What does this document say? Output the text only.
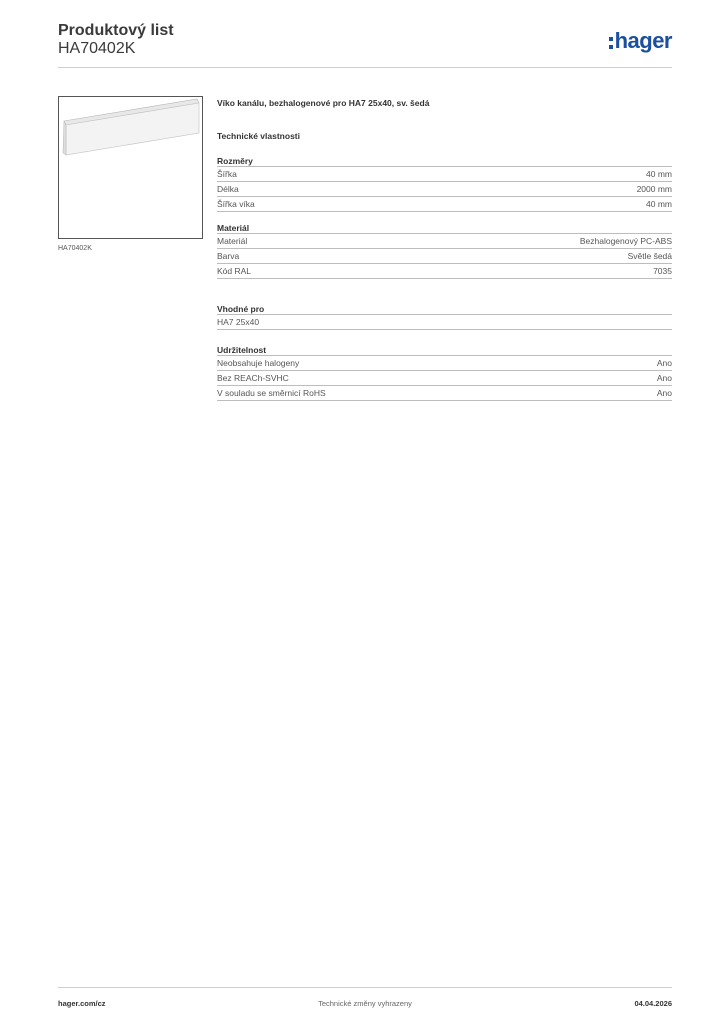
Produktový list
HA70402K	hager
HA70402K
Víko kanálu, bezhalogenové pro HA7 25x40, sv. šedá
Technické vlastnosti
Rozměry
Šířka	40 mm
Délka	2000 mm
Šířka víka	40 mm
Materiál
Materiál	Bezhalogenový PC-ABS
Barva	Světle šedá
Kód RAL	7035
Vhodné pro
HA7 25x40
Udržitelnost
Neobsahuje halogeny	Ano
Bez REACh-SVHC	Ano
V souladu se směrnicí RoHS	Ano
hager.com/cz	Technické změny vyhrazeny	04.04.2026
